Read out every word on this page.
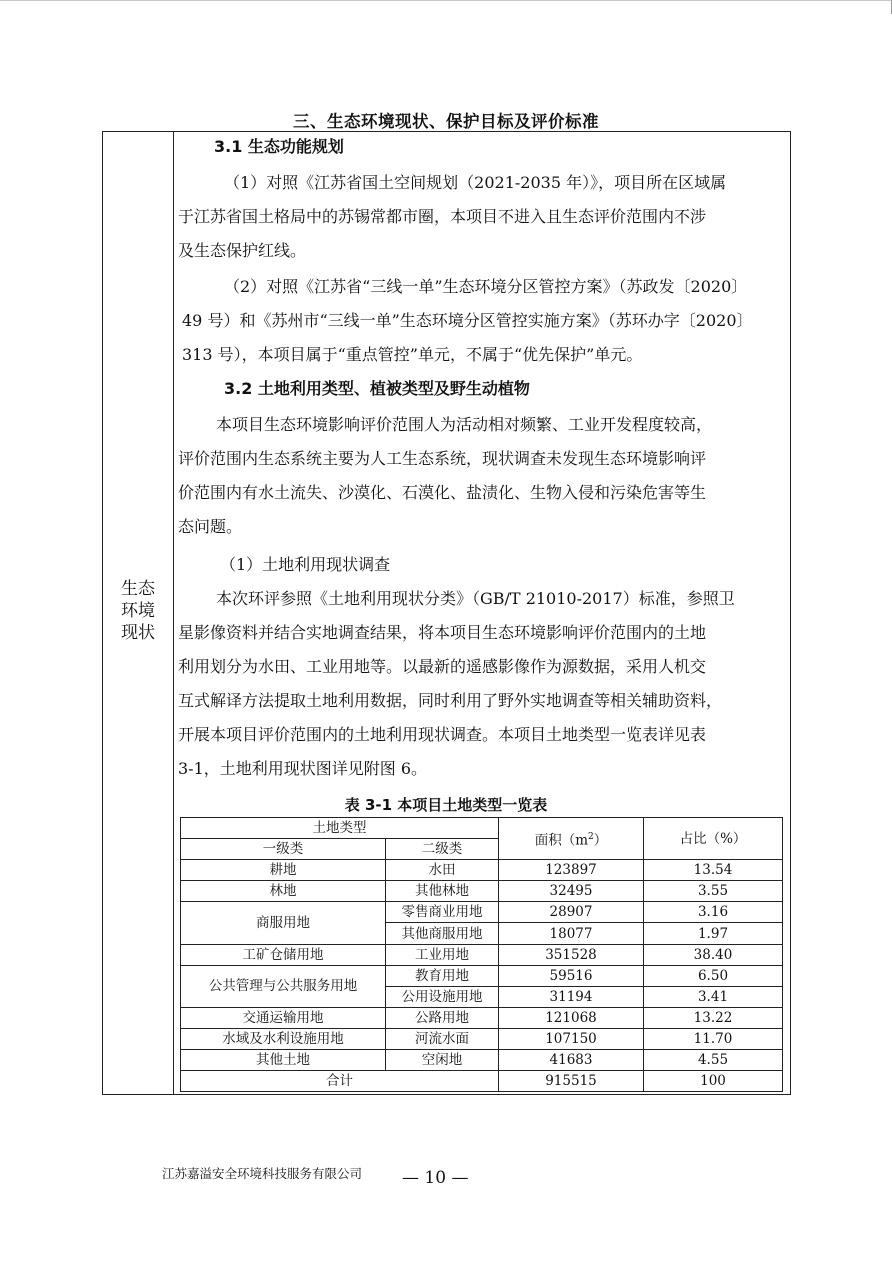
三、生态环境现状、保护目标及评价标准
生态
环境
现状
3.1 生态功能规划
（1）对照《江苏省国土空间规划（2021-2035 年）》，项目所在区域属
于江苏省国土格局中的苏锡常都市圈，本项目不进入且生态评价范围内不涉
及生态保护红线。
（2）对照《江苏省“三线一单”生态环境分区管控方案》（苏政发〔2020〕
49 号）和《苏州市“三线一单”生态环境分区管控实施方案》（苏环办字〔2020〕
313 号），本项目属于“重点管控”单元，不属于“优先保护”单元。
3.2 土地利用类型、植被类型及野生动植物
本项目生态环境影响评价范围人为活动相对频繁、工业开发程度较高，
评价范围内生态系统主要为人工生态系统，现状调查未发现生态环境影响评
价范围内有水土流失、沙漠化、石漠化、盐渍化、生物入侵和污染危害等生
态问题。
（1）土地利用现状调查
本次环评参照《土地利用现状分类》（GB/T 21010-2017）标准，参照卫
星影像资料并结合实地调查结果，将本项目生态环境影响评价范围内的土地
利用划分为水田、工业用地等。以最新的遥感影像作为源数据，采用人机交
互式解译方法提取土地利用数据，同时利用了野外实地调查等相关辅助资料，
开展本项目评价范围内的土地利用现状调查。本项目土地类型一览表详见表
3-1，土地利用现状图详见附图 6。
表 3-1 本项目土地类型一览表
土地类型		面积$(m^2)$	占比（%）
一级类	二级类		
耕地	水田	123897	13.54
林地	其他林地	32495	3.55
商服用地	零售商业用地	28907	3.16
	其他商服用地	18077	1.97
工矿仓储用地	工业用地	351528	38.40
公共管理与公共服务用地	教育用地	59516	6.50
	公用设施用地	31194	3.41
交通运输用地	公路用地	121068	13.22
水域及水利设施用地	河流水面	107150	11.70
其他土地	空闲地	41683	4.55
合计		915515	100
江苏嘉溢安全环境科技服务有限公司 — 10 —
